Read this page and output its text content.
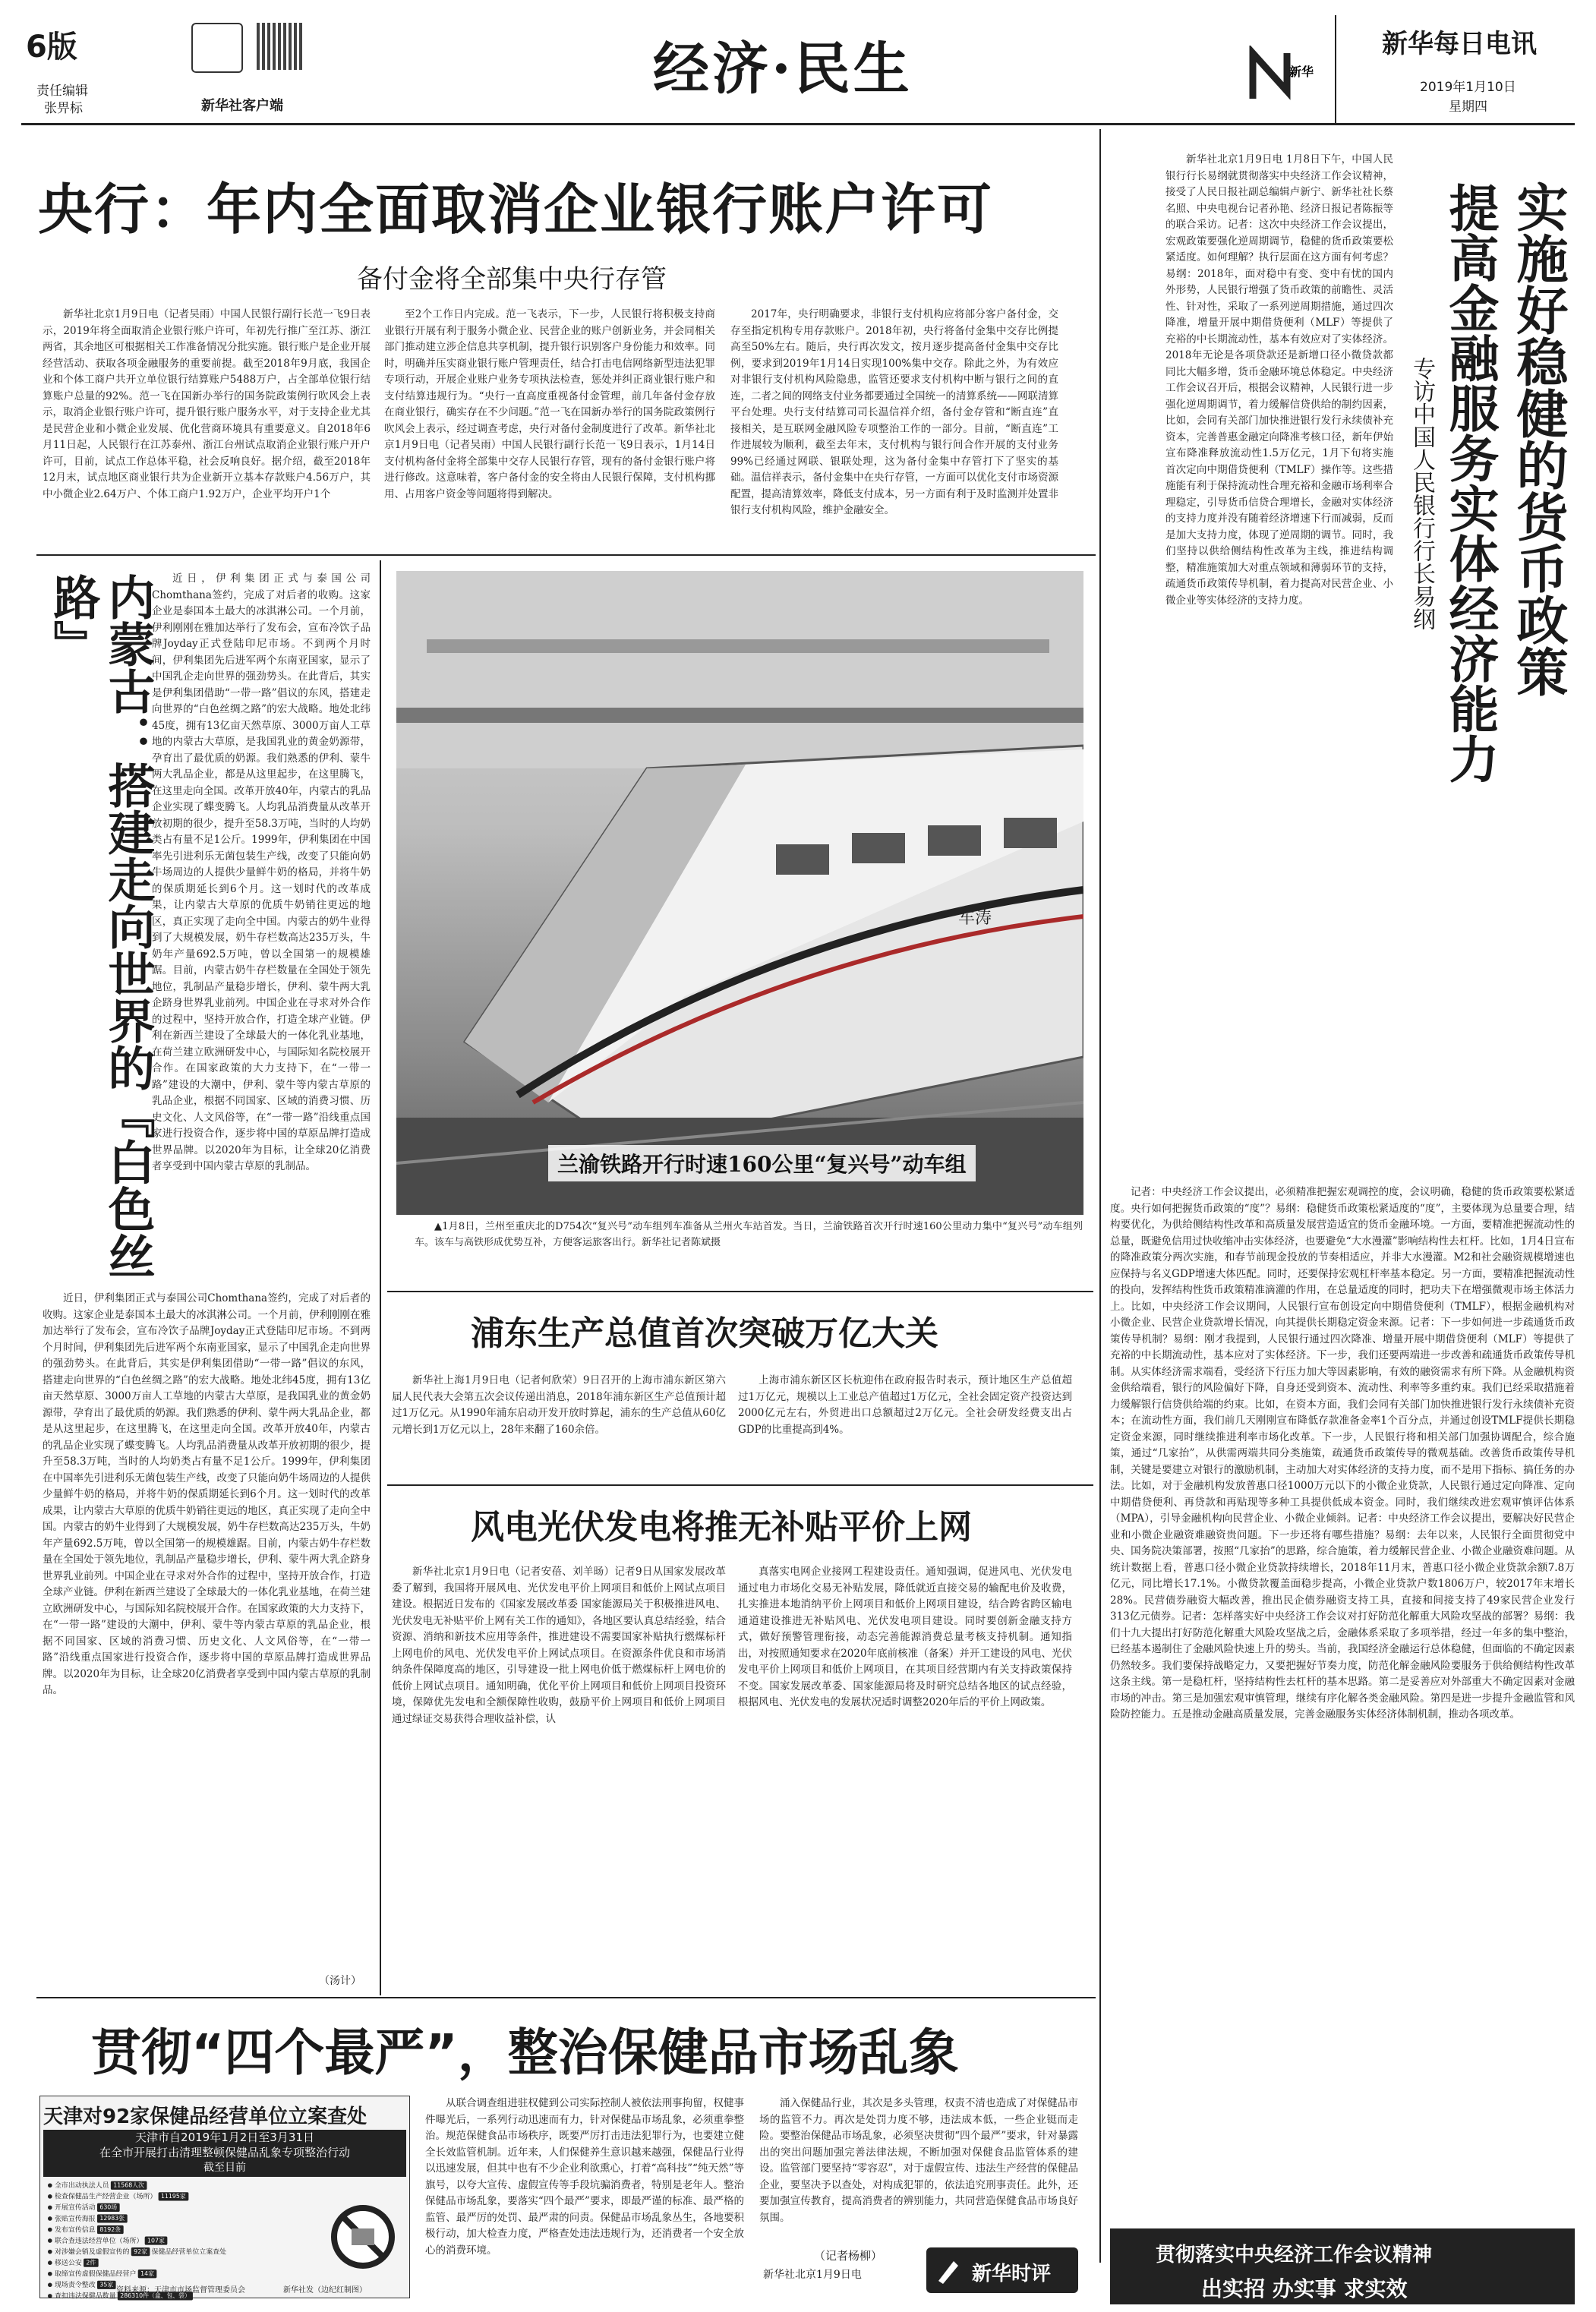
6版
责任编辑
张畀标	新华社客户端
经济·民生	新华
新华每日电讯
2019年1月10日
星期四
央行：年内全面取消企业银行账户许可
备付金将全部集中央行存管

新华社北京1月9日电（记者吴雨）中国人民银行副行长范一飞9日表示，2019年将全面取消企业银行账户许可，年初先行推广至江苏、浙江两省，其余地区可根据相关工作准备情况分批实施。银行账户是企业开展经营活动、获取各项金融服务的重要前提。截至2018年9月底，我国企业和个体工商户共开立单位银行结算账户5488万户，占全部单位银行结算账户总量的92%。范一飞在国新办举行的国务院政策例行吹风会上表示，取消企业银行账户许可，提升银行账户服务水平，对于支持企业尤其是民营企业和小微企业发展、优化营商环境具有重要意义。自2018年6月11日起，人民银行在江苏泰州、浙江台州试点取消企业银行账户开户许可，目前，试点工作总体平稳，社会反响良好。据介绍，截至2018年12月末，试点地区商业银行共为企业新开立基本存款账户4.56万户，其中小微企业2.64万户、个体工商户1.92万户，企业平均开户1个

至2个工作日内完成。范一飞表示，下一步，人民银行将积极支持商业银行开展有利于服务小微企业、民营企业的账户创新业务，并会同相关部门推动建立涉企信息共享机制，提升银行识别客户身份能力和效率。同时，明确并压实商业银行账户管理责任，结合打击电信网络新型违法犯罪专项行动，开展企业账户业务专项执法检查，惩处并纠正商业银行账户和支付结算违规行为。“央行一直高度重视备付金管理，前几年备付金存放在商业银行，确实存在不少问题。”范一飞在国新办举行的国务院政策例行吹风会上表示，经过调查考虑，央行对备付金制度进行了改革。新华社北京1月9日电（记者吴雨）中国人民银行副行长范一飞9日表示，1月14日支付机构备付金将全部集中交存人民银行存管，现有的备付金银行账户将进行修改。这意味着，客户备付金的安全将由人民银行保障，支付机构挪用、占用客户资金等问题将得到解决。

2017年，央行明确要求，非银行支付机构应将部分客户备付金，交存至指定机构专用存款账户。2018年初，央行将备付金集中交存比例提高至50%左右。随后，央行再次发文，按月逐步提高备付金集中交存比例，要求到2019年1月14日实现100%集中交存。除此之外，为有效应对非银行支付机构风险隐患，监管还要求支付机构中断与银行之间的直连，二者之间的网络支付业务都要通过全国统一的清算系统——网联清算平台处理。央行支付结算司司长温信祥介绍，备付金存管和“断直连”直接相关，是互联网金融风险专项整治工作的一部分。目前，“断直连”工作进展较为顺利，截至去年末，支付机构与银行间合作开展的支付业务99%已经通过网联、银联处理，这为备付金集中存管打下了坚实的基础。温信祥表示，备付金集中在央行存管，一方面可以优化支付市场资源配置，提高清算效率，降低支付成本，另一方面有利于及时监测并处置非银行支付机构风险，维护金融安全。

新华社北京1月9日电 1月8日下午，中国人民银行行长易纲就贯彻落实中央经济工作会议精神，接受了人民日报社副总编辑卢新宁、新华社社长蔡名照、中央电视台记者孙艳、经济日报记者陈振等的联合采访。记者：这次中央经济工作会议提出，宏观政策要强化逆周期调节，稳健的货币政策要松紧适度。如何理解？执行层面在这方面有何考虑？易纲：2018年，面对稳中有变、变中有忧的国内外形势，人民银行增强了货币政策的前瞻性、灵活性、针对性，采取了一系列逆周期措施，通过四次降准，增量开展中期借贷便利（MLF）等提供了充裕的中长期流动性，基本有效应对了实体经济。2018年无论是各项贷款还是新增口径小微贷款都同比大幅多增，货币金融环境总体稳定。中央经济工作会议召开后，根据会议精神，人民银行进一步强化逆周期调节，着力缓解信贷供给的制约因素，比如，会同有关部门加快推进银行发行永续债补充资本，完善普惠金融定向降准考核口径，新年伊始宣布降准释放流动性1.5万亿元，1月下旬将实施首次定向中期借贷便利（TMLF）操作等。这些措施能有利于保持流动性合理充裕和金融市场利率合理稳定，引导货币信贷合理增长，金融对实体经济的支持力度并没有随着经济增速下行而减弱，反而是加大支持力度，体现了逆周期的调节。同时，我们坚持以供给侧结构性改革为主线，推进结构调整，精准施策加大对重点领域和薄弱环节的支持，疏通货币政策传导机制，着力提高对民营企业、小微企业等实体经济的支持力度。	实施好稳健的货币政策
提高金融服务实体经济能力
专访中国人民银行行长易纲

记者：中央经济工作会议提出，必须精准把握宏观调控的度，会议明确，稳健的货币政策要松紧适度。央行如何把握货币政策的“度”？易纲：稳健货币政策松紧适度的“度”，主要体现为总量要合理，结构要优化，为供给侧结构性改革和高质量发展营造适宜的货币金融环境。一方面，要精准把握流动性的总量，既避免信用过快收缩冲击实体经济，也要避免“大水漫灌”影响结构性去杠杆。比如，1月4日宣布的降准政策分两次实施，和春节前现金投放的节奏相适应，并非大水漫灌。M2和社会融资规模增速也应保持与名义GDP增速大体匹配。同时，还要保持宏观杠杆率基本稳定。另一方面，要精准把握流动性的投向，发挥结构性货币政策精准滴灌的作用，在总量适度的同时，把功夫下在增强微观市场主体活力上。比如，中央经济工作会议期间，人民银行宣布创设定向中期借贷便利（TMLF），根据金融机构对小微企业、民营企业贷款增长情况，向其提供长期稳定资金来源。记者：下一步如何进一步疏通货币政策传导机制？易纲：刚才我提到，人民银行通过四次降准、增量开展中期借贷便利（MLF）等提供了充裕的中长期流动性，基本应对了实体经济。下一步，我们还要两端进一步改善和疏通货币政策传导机制。从实体经济需求端看，受经济下行压力加大等因素影响，有效的融资需求有所下降。从金融机构资金供给端看，银行的风险偏好下降，自身还受到资本、流动性、利率等多重约束。我们已经采取措施着力缓解银行信贷供给端的约束。比如，在资本方面，我们会同有关部门加快推进银行发行永续债补充资本；在流动性方面，我们前几天刚刚宣布降低存款准备金率1个百分点，并通过创设TMLF提供长期稳定资金来源，同时继续推进利率市场化改革。下一步，人民银行将和相关部门加强协调配合，综合施策，通过“几家抬”，从供需两端共同分类施策，疏通货币政策传导的微观基础。改善货币政策传导机制，关键是要建立对银行的激励机制，主动加大对实体经济的支持力度，而不是用下指标、搞任务的办法。比如，对于金融机构发放普惠口径1000万元以下的小微企业贷款，人民银行通过定向降准、定向中期借贷便利、再贷款和再贴现等多种工具提供低成本资金。同时，我们继续改进宏观审慎评估体系（MPA），引导金融机构向民营企业、小微企业倾斜。记者：中央经济工作会议提出，要解决好民营企业和小微企业融资难融资贵问题。下一步还将有哪些措施？易纲：去年以来，人民银行全面贯彻党中央、国务院决策部署，按照“几家抬”的思路，综合施策，着力缓解民营企业、小微企业融资难问题。从统计数据上看，普惠口径小微企业贷款持续增长，2018年11月末，普惠口径小微企业贷款余额7.8万亿元，同比增长17.1%。小微贷款覆盖面稳步提高，小微企业贷款户数1806万户，较2017年末增长28%。民营债券融资大幅改善，推出民企债券融资支持工具，直接和间接支持了49家民营企业发行313亿元债券。记者：怎样落实好中央经济工作会议对打好防范化解重大风险攻坚战的部署？易纲：我们十九大提出打好防范化解重大风险攻坚战之后，金融体系采取了多项举措，经过一年多的集中整治，已经基本遏制住了金融风险快速上升的势头。当前，我国经济金融运行总体稳健，但面临的不确定因素仍然较多。我们要保持战略定力，又要把握好节奏力度，防范化解金融风险要服务于供给侧结构性改革这条主线。第一是稳杠杆，坚持结构性去杠杆的基本思路。第二是妥善应对外部重大不确定因素对金融市场的冲击。第三是加强宏观审慎管理，继续有序化解各类金融风险。第四是进一步提升金融监管和风险防控能力。五是推动金融高质量发展，完善金融服务实体经济体制机制，推动各项改革。

内蒙古：搭建走向世界的『白色丝路』	近日，伊利集团正式与泰国公司Chomthana签约，完成了对后者的收购。这家企业是泰国本土最大的冰淇淋公司。一个月前，伊利刚刚在雅加达举行了发布会，宣布冷饮子品牌Joyday正式登陆印尼市场。不到两个月时间，伊利集团先后进军两个东南亚国家，显示了中国乳企走向世界的强劲势头。在此背后，其实是伊利集团借助“一带一路”倡议的东风，搭建走向世界的“白色丝绸之路”的宏大战略。地处北纬45度，拥有13亿亩天然草原、3000万亩人工草地的内蒙古大草原，是我国乳业的黄金奶源带，孕育出了最优质的奶源。我们熟悉的伊利、蒙牛两大乳品企业，都是从这里起步，在这里腾飞，在这里走向全国。改革开放40年，内蒙古的乳品企业实现了蝶变腾飞。人均乳品消费量从改革开放初期的很少，提升至58.3万吨，当时的人均奶类占有量不足1公斤。1999年，伊利集团在中国率先引进利乐无菌包装生产线，改变了只能向奶牛场周边的人提供少量鲜牛奶的格局，并将牛奶的保质期延长到6个月。这一划时代的改革成果，让内蒙古大草原的优质牛奶销往更远的地区，真正实现了走向全中国。内蒙古的奶牛业得到了大规模发展，奶牛存栏数高达235万头，牛奶年产量692.5万吨，曾以全国第一的规模雄踞。目前，内蒙古奶牛存栏数量在全国处于领先地位，乳制品产量稳步增长，伊利、蒙牛两大乳企跻身世界乳业前列。中国企业在寻求对外合作的过程中，坚持开放合作，打造全球产业链。伊利在新西兰建设了全球最大的一体化乳业基地，在荷兰建立欧洲研发中心，与国际知名院校展开合作。在国家政策的大力支持下，在“一带一路”建设的大潮中，伊利、蒙牛等内蒙古草原的乳品企业，根据不同国家、区域的消费习惯、历史文化、人文风俗等，在“一带一路”沿线重点国家进行投资合作，逐步将中国的草原品牌打造成世界品牌。以2020年为目标，让全球20亿消费者享受到中国内蒙古草原的乳制品。

近日，伊利集团正式与泰国公司Chomthana签约，完成了对后者的收购。这家企业是泰国本土最大的冰淇淋公司。一个月前，伊利刚刚在雅加达举行了发布会，宣布冷饮子品牌Joyday正式登陆印尼市场。不到两个月时间，伊利集团先后进军两个东南亚国家，显示了中国乳企走向世界的强劲势头。在此背后，其实是伊利集团借助“一带一路”倡议的东风，搭建走向世界的“白色丝绸之路”的宏大战略。地处北纬45度，拥有13亿亩天然草原、3000万亩人工草地的内蒙古大草原，是我国乳业的黄金奶源带，孕育出了最优质的奶源。我们熟悉的伊利、蒙牛两大乳品企业，都是从这里起步，在这里腾飞，在这里走向全国。改革开放40年，内蒙古的乳品企业实现了蝶变腾飞。人均乳品消费量从改革开放初期的很少，提升至58.3万吨，当时的人均奶类占有量不足1公斤。1999年，伊利集团在中国率先引进利乐无菌包装生产线，改变了只能向奶牛场周边的人提供少量鲜牛奶的格局，并将牛奶的保质期延长到6个月。这一划时代的改革成果，让内蒙古大草原的优质牛奶销往更远的地区，真正实现了走向全中国。内蒙古的奶牛业得到了大规模发展，奶牛存栏数高达235万头，牛奶年产量692.5万吨，曾以全国第一的规模雄踞。目前，内蒙古奶牛存栏数量在全国处于领先地位，乳制品产量稳步增长，伊利、蒙牛两大乳企跻身世界乳业前列。中国企业在寻求对外合作的过程中，坚持开放合作，打造全球产业链。伊利在新西兰建设了全球最大的一体化乳业基地，在荷兰建立欧洲研发中心，与国际知名院校展开合作。在国家政策的大力支持下，在“一带一路”建设的大潮中，伊利、蒙牛等内蒙古草原的乳品企业，根据不同国家、区域的消费习惯、历史文化、人文风俗等，在“一带一路”沿线重点国家进行投资合作，逐步将中国的草原品牌打造成世界品牌。以2020年为目标，让全球20亿消费者享受到中国内蒙古草原的乳制品。

（汤计）
车涛
兰渝铁路开行时速160公里“复兴号”动车组

▲1月8日，兰州至重庆北的D754次“复兴号”动车组列车准备从兰州火车站首发。当日，兰渝铁路首次开行时速160公里动力集中“复兴号”动车组列车。该车与高铁形成优势互补，方便客运旅客出行。新华社记者陈斌摄

浦东生产总值首次突破万亿大关

新华社上海1月9日电（记者何欣荣）9日召开的上海市浦东新区第六届人民代表大会第五次会议传递出消息，2018年浦东新区生产总值预计超过1万亿元。从1990年浦东启动开发开放时算起，浦东的生产总值从60亿元增长到1万亿元以上，28年来翻了160余倍。

上海市浦东新区区长杭迎伟在政府报告时表示，预计地区生产总值超过1万亿元，规模以上工业总产值超过1万亿元，全社会固定资产投资达到2000亿元左右，外贸进出口总额超过2万亿元。全社会研发经费支出占GDP的比重提高到4%。

风电光伏发电将推无补贴平价上网

新华社北京1月9日电（记者安蓓、刘羊旸）记者9日从国家发展改革委了解到，我国将开展风电、光伏发电平价上网项目和低价上网试点项目建设。根据近日发布的《国家发展改革委 国家能源局关于积极推进风电、光伏发电无补贴平价上网有关工作的通知》，各地区要认真总结经验，结合资源、消纳和新技术应用等条件，推进建设不需要国家补贴执行燃煤标杆上网电价的风电、光伏发电平价上网试点项目。在资源条件优良和市场消纳条件保障度高的地区，引导建设一批上网电价低于燃煤标杆上网电价的低价上网试点项目。通知明确，优化平价上网项目和低价上网项目投资环境，保障优先发电和全额保障性收购，鼓励平价上网项目和低价上网项目通过绿证交易获得合理收益补偿，认

真落实电网企业接网工程建设责任。通知强调，促进风电、光伏发电通过电力市场化交易无补贴发展，降低就近直接交易的输配电价及收费，扎实推进本地消纳平价上网项目和低价上网项目建设，结合跨省跨区输电通道建设推进无补贴风电、光伏发电项目建设。同时要创新金融支持方式，做好预警管理衔接，动态完善能源消费总量考核支持机制。通知指出，对按照通知要求在2020年底前核准（备案）并开工建设的风电、光伏发电平价上网项目和低价上网项目，在其项目经营期内有关支持政策保持不变。国家发展改革委、国家能源局将及时研究总结各地区的试点经验，根据风电、光伏发电的发展状况适时调整2020年后的平价上网政策。

贯彻“四个最严”，整治保健品市场乱象

从联合调查组进驻权健到公司实际控制人被依法刑事拘留，权健事件曝光后，一系列行动迅速而有力，针对保健品市场乱象，必须重拳整治。规范保健食品市场秩序，既要严厉打击违法犯罪行为，也要建立健全长效监管机制。近年来，人们保健养生意识越来越强，保健品行业得以迅速发展，但其中也有不少企业利欲熏心，打着“高科技”“纯天然”等旗号，以夸大宣传、虚假宣传等手段坑骗消费者，特别是老年人。整治保健品市场乱象，要落实“四个最严”要求，即最严谨的标准、最严格的监管、最严厉的处罚、最严肃的问责。保健品市场乱象丛生，各地要积极行动，加大检查力度，严格查处违法违规行为，还消费者一个安全放心的消费环境。

涌入保健品行业，其次是多头管理，权责不清也造成了对保健品市场的监管不力。再次是处罚力度不够，违法成本低，一些企业铤而走险。要整治保健品市场乱象，必须坚决贯彻“四个最严”要求，针对暴露出的突出问题加强完善法律法规，不断加强对保健食品监管体系的建设。监管部门要坚持“零容忍”，对于虚假宣传、违法生产经营的保健品企业，要坚决予以查处，对构成犯罪的，依法追究刑事责任。此外，还要加强宣传教育，提高消费者的辨别能力，共同营造保健食品市场良好氛围。

（记者杨柳）
新华社北京1月9日电	新华时评
天津对92家保健品经营单位立案查处
天津市自2019年1月2日至3月31日
在全市开展打击清理整顿保健品乱象专项整治行动
截至目前
全市出动执法人员 11568人次
检查保健品生产经营企业（场所） 11195家
开展宣传活动 630场
张贴宣传海报 12983张
发布宣传信息 8192条
联合查违法经营单位（场所） 107家
对涉嫌会销及虚假宣传的 92家 保健品经营单位立案查处
移送公安 2件
取缔宣传虚假保健品经营户 14家
现场责令整改 35家
查扣违法保健品数量 286310件（盒、包、袋）
资料来源：天津市市场监督管理委员会	新华社发（边纪红制图）
贯彻落实中央经济工作会议精神
出实招 办实事 求实效
